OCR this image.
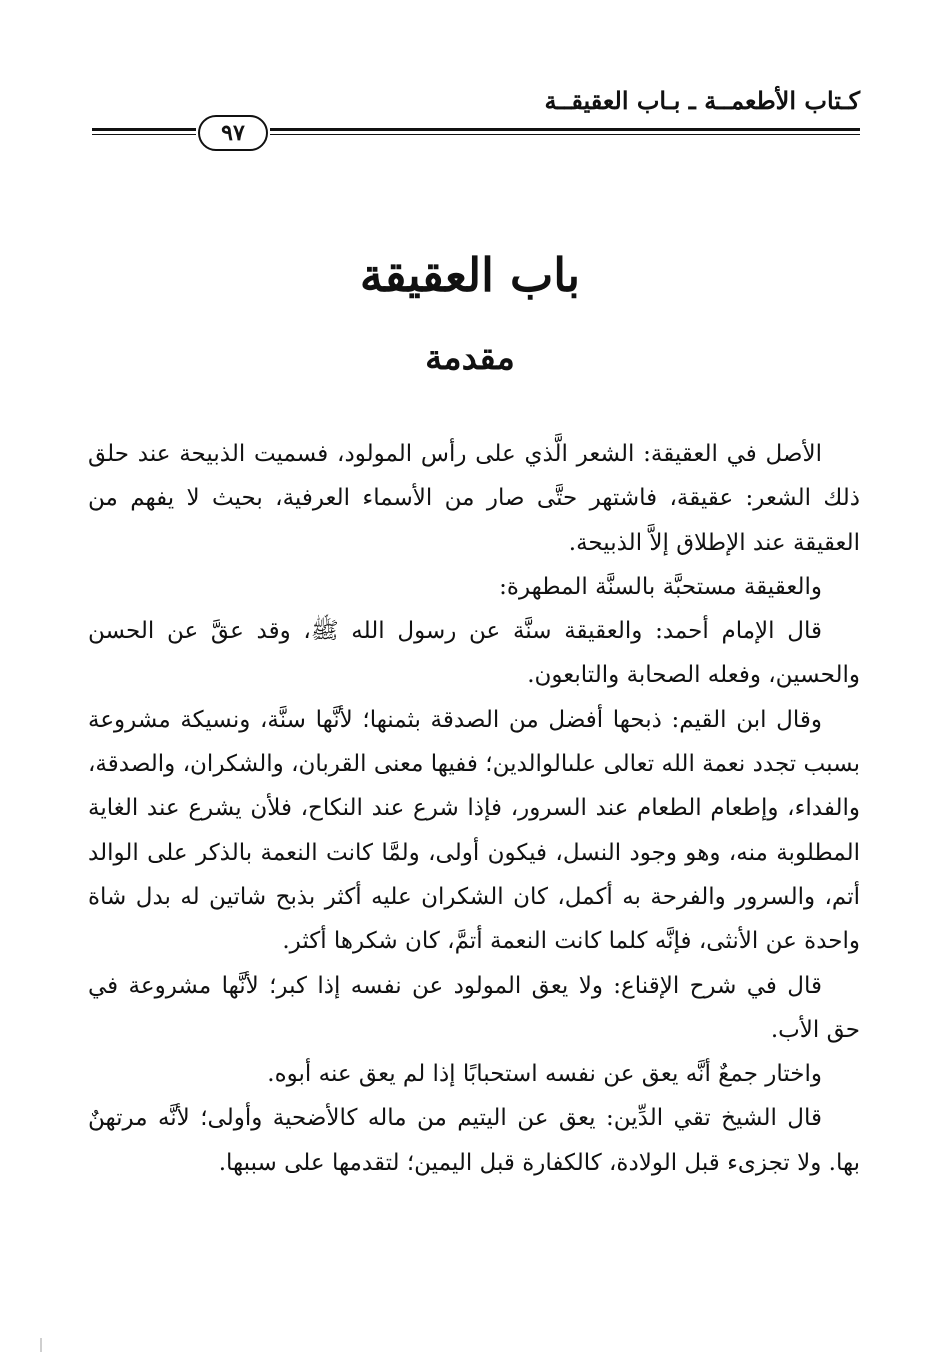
كـتاب الأطعمــة ـ بـاب العقيقــة
٩٧
باب العقيقة
مقدمة

الأصل في العقيقة: الشعر الَّذي على رأس المولود، فسميت الذبيحة عند حلق ذلك الشعر: عقيقة، فاشتهر حتَّى صار من الأسماء العرفية، بحيث لا يفهم من العقيقة عند الإطلاق إلاَّ الذبيحة.

والعقيقة مستحبَّة بالسنَّة المطهرة:

قال الإمام أحمد: والعقيقة سنَّة عن رسول الله ﷺ، وقد عقَّ عن الحسن والحسين، وفعله الصحابة والتابعون.

وقال ابن القيم: ذبحها أفضل من الصدقة بثمنها؛ لأنَّها سنَّة، ونسيكة مشروعة بسبب تجدد نعمة الله تعالى علىالوالدين؛ ففيها معنى القربان، والشكران، والصدقة، والفداء، وإطعام الطعام عند السرور، فإذا شرع عند النكاح، فلأن يشرع عند الغاية المطلوبة منه، وهو وجود النسل، فيكون أولى، ولمَّا كانت النعمة بالذكر على الوالد أتم، والسرور والفرحة به أكمل، كان الشكران عليه أكثر بذبح شاتين له بدل شاة واحدة عن الأنثى، فإنَّه كلما كانت النعمة أتمَّ، كان شكرها أكثر.

قال في شرح الإقناع: ولا يعق المولود عن نفسه إذا كبر؛ لأنَّها مشروعة في حق الأب.

واختار جمعٌ أنَّه يعق عن نفسه استحبابًا إذا لم يعق عنه أبوه.

قال الشيخ تقي الدِّين: يعق عن اليتيم من ماله كالأضحية وأولى؛ لأنَّه مرتهنٌ بها. ولا تجزىء قبل الولادة، كالكفارة قبل اليمين؛ لتقدمها على سببها.
